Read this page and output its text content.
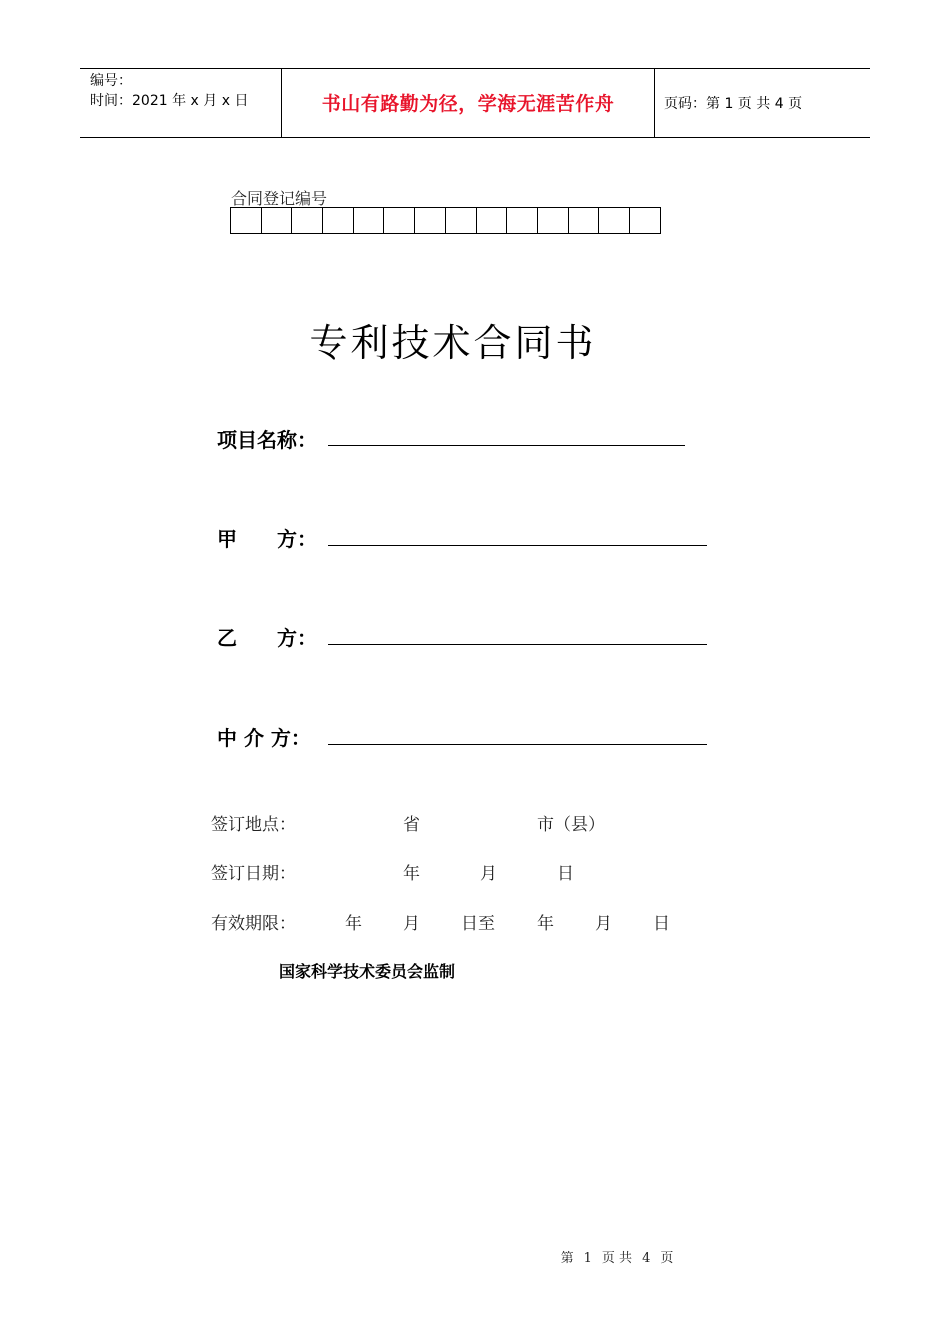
编号：
时间：2021 年 x 月 x 日	书山有路勤为径，学海无涯苦作舟	页码：第 1 页 共 4 页
合同登记编号
专利技术合同书
项目名称：
甲　　方：
乙　　方：
中 介 方：
签订地点：	省	市（县）
签订日期：	年	月	日
有效期限：	年 月 日至 年 月 日
国家科学技术委员会监制
第 1 页 共 4 页
